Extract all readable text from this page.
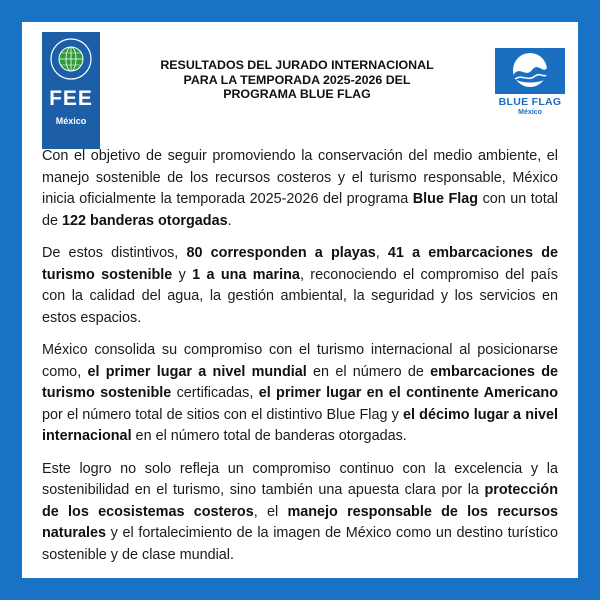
FEE
México
RESULTADOS DEL JURADO INTERNACIONAL
PARA LA TEMPORADA 2025-2026 DEL
PROGRAMA BLUE FLAG
BLUE FLAG
México

Con el objetivo de seguir promoviendo la conservación del medio ambiente, el manejo sostenible de los recursos costeros y el turismo responsable, México inicia oficialmente la temporada 2025-2026 del programa Blue Flag con un total de 122 banderas otorgadas.

De estos distintivos, 80 corresponden a playas, 41 a embarcaciones de turismo sostenible y 1 a una marina, reconociendo el compromiso del país con la calidad del agua, la gestión ambiental, la seguridad y los servicios en estos espacios.

México consolida su compromiso con el turismo internacional al posicionarse como, el primer lugar a nivel mundial en el número de embarcaciones de turismo sostenible certificadas, el primer lugar en el continente Americano por el número total de sitios con el distintivo Blue Flag y el décimo lugar a nivel internacional en el número total de banderas otorgadas.

Este logro no solo refleja un compromiso continuo con la excelencia y la sostenibilidad en el turismo, sino también una apuesta clara por la protección de los ecosistemas costeros, el manejo responsable de los recursos naturales y el fortalecimiento de la imagen de México como un destino turístico sostenible y de clase mundial.
